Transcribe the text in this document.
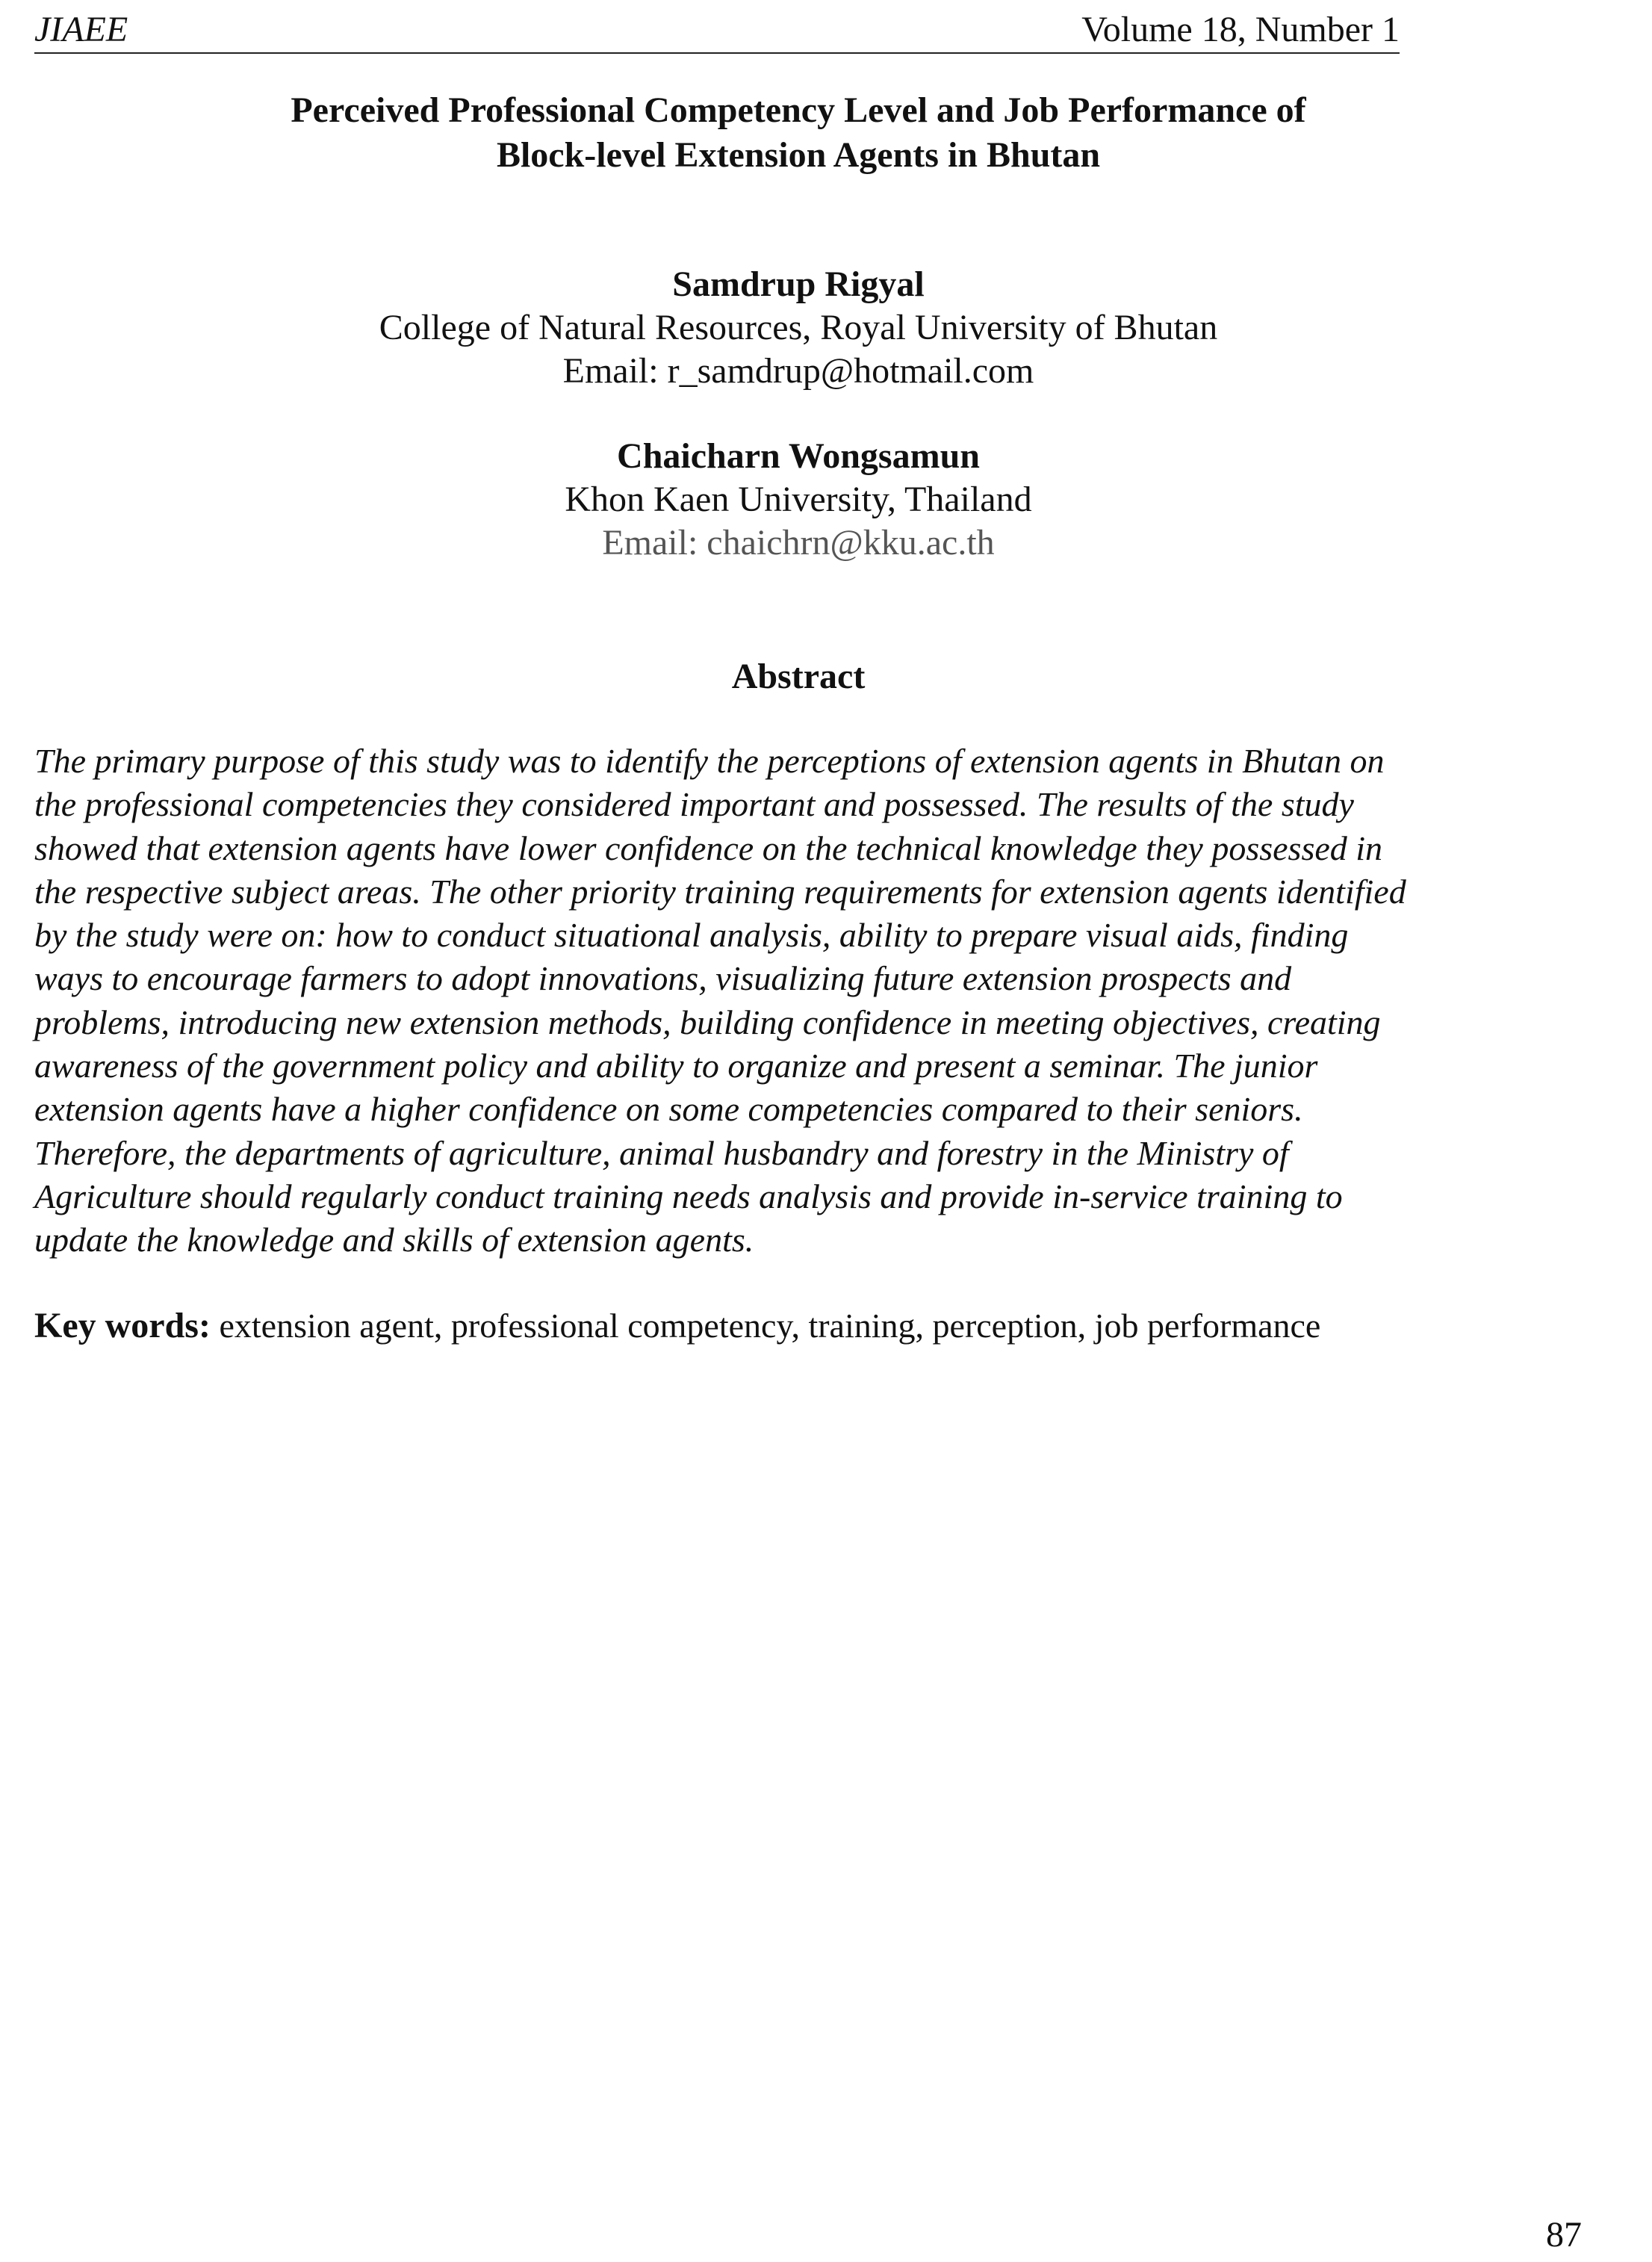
JIAEE	Volume 18, Number 1
Perceived Professional Competency Level and Job Performance of
Block-level Extension Agents in Bhutan
Samdrup Rigyal
College of Natural Resources, Royal University of Bhutan
Email: r_samdrup@hotmail.com
Chaicharn Wongsamun
Khon Kaen University, Thailand
Email: chaichrn@kku.ac.th
Abstract
The primary purpose of this study was to identify the perceptions of extension agents in Bhutan on
the professional competencies they considered important and possessed. The results of the study
showed that extension agents have lower confidence on the technical knowledge they possessed in
the respective subject areas. The other priority training requirements for extension agents identified
by the study were on: how to conduct situational analysis, ability to prepare visual aids, finding
ways to encourage farmers to adopt innovations, visualizing future extension prospects and
problems, introducing new extension methods, building confidence in meeting objectives, creating
awareness of the government policy and ability to organize and present a seminar. The junior
extension agents have a higher confidence on some competencies compared to their seniors.
Therefore, the departments of agriculture, animal husbandry and forestry in the Ministry of
Agriculture should regularly conduct training needs analysis and provide in-service training to
update the knowledge and skills of extension agents.
Key words: extension agent, professional competency, training, perception, job performance
87
